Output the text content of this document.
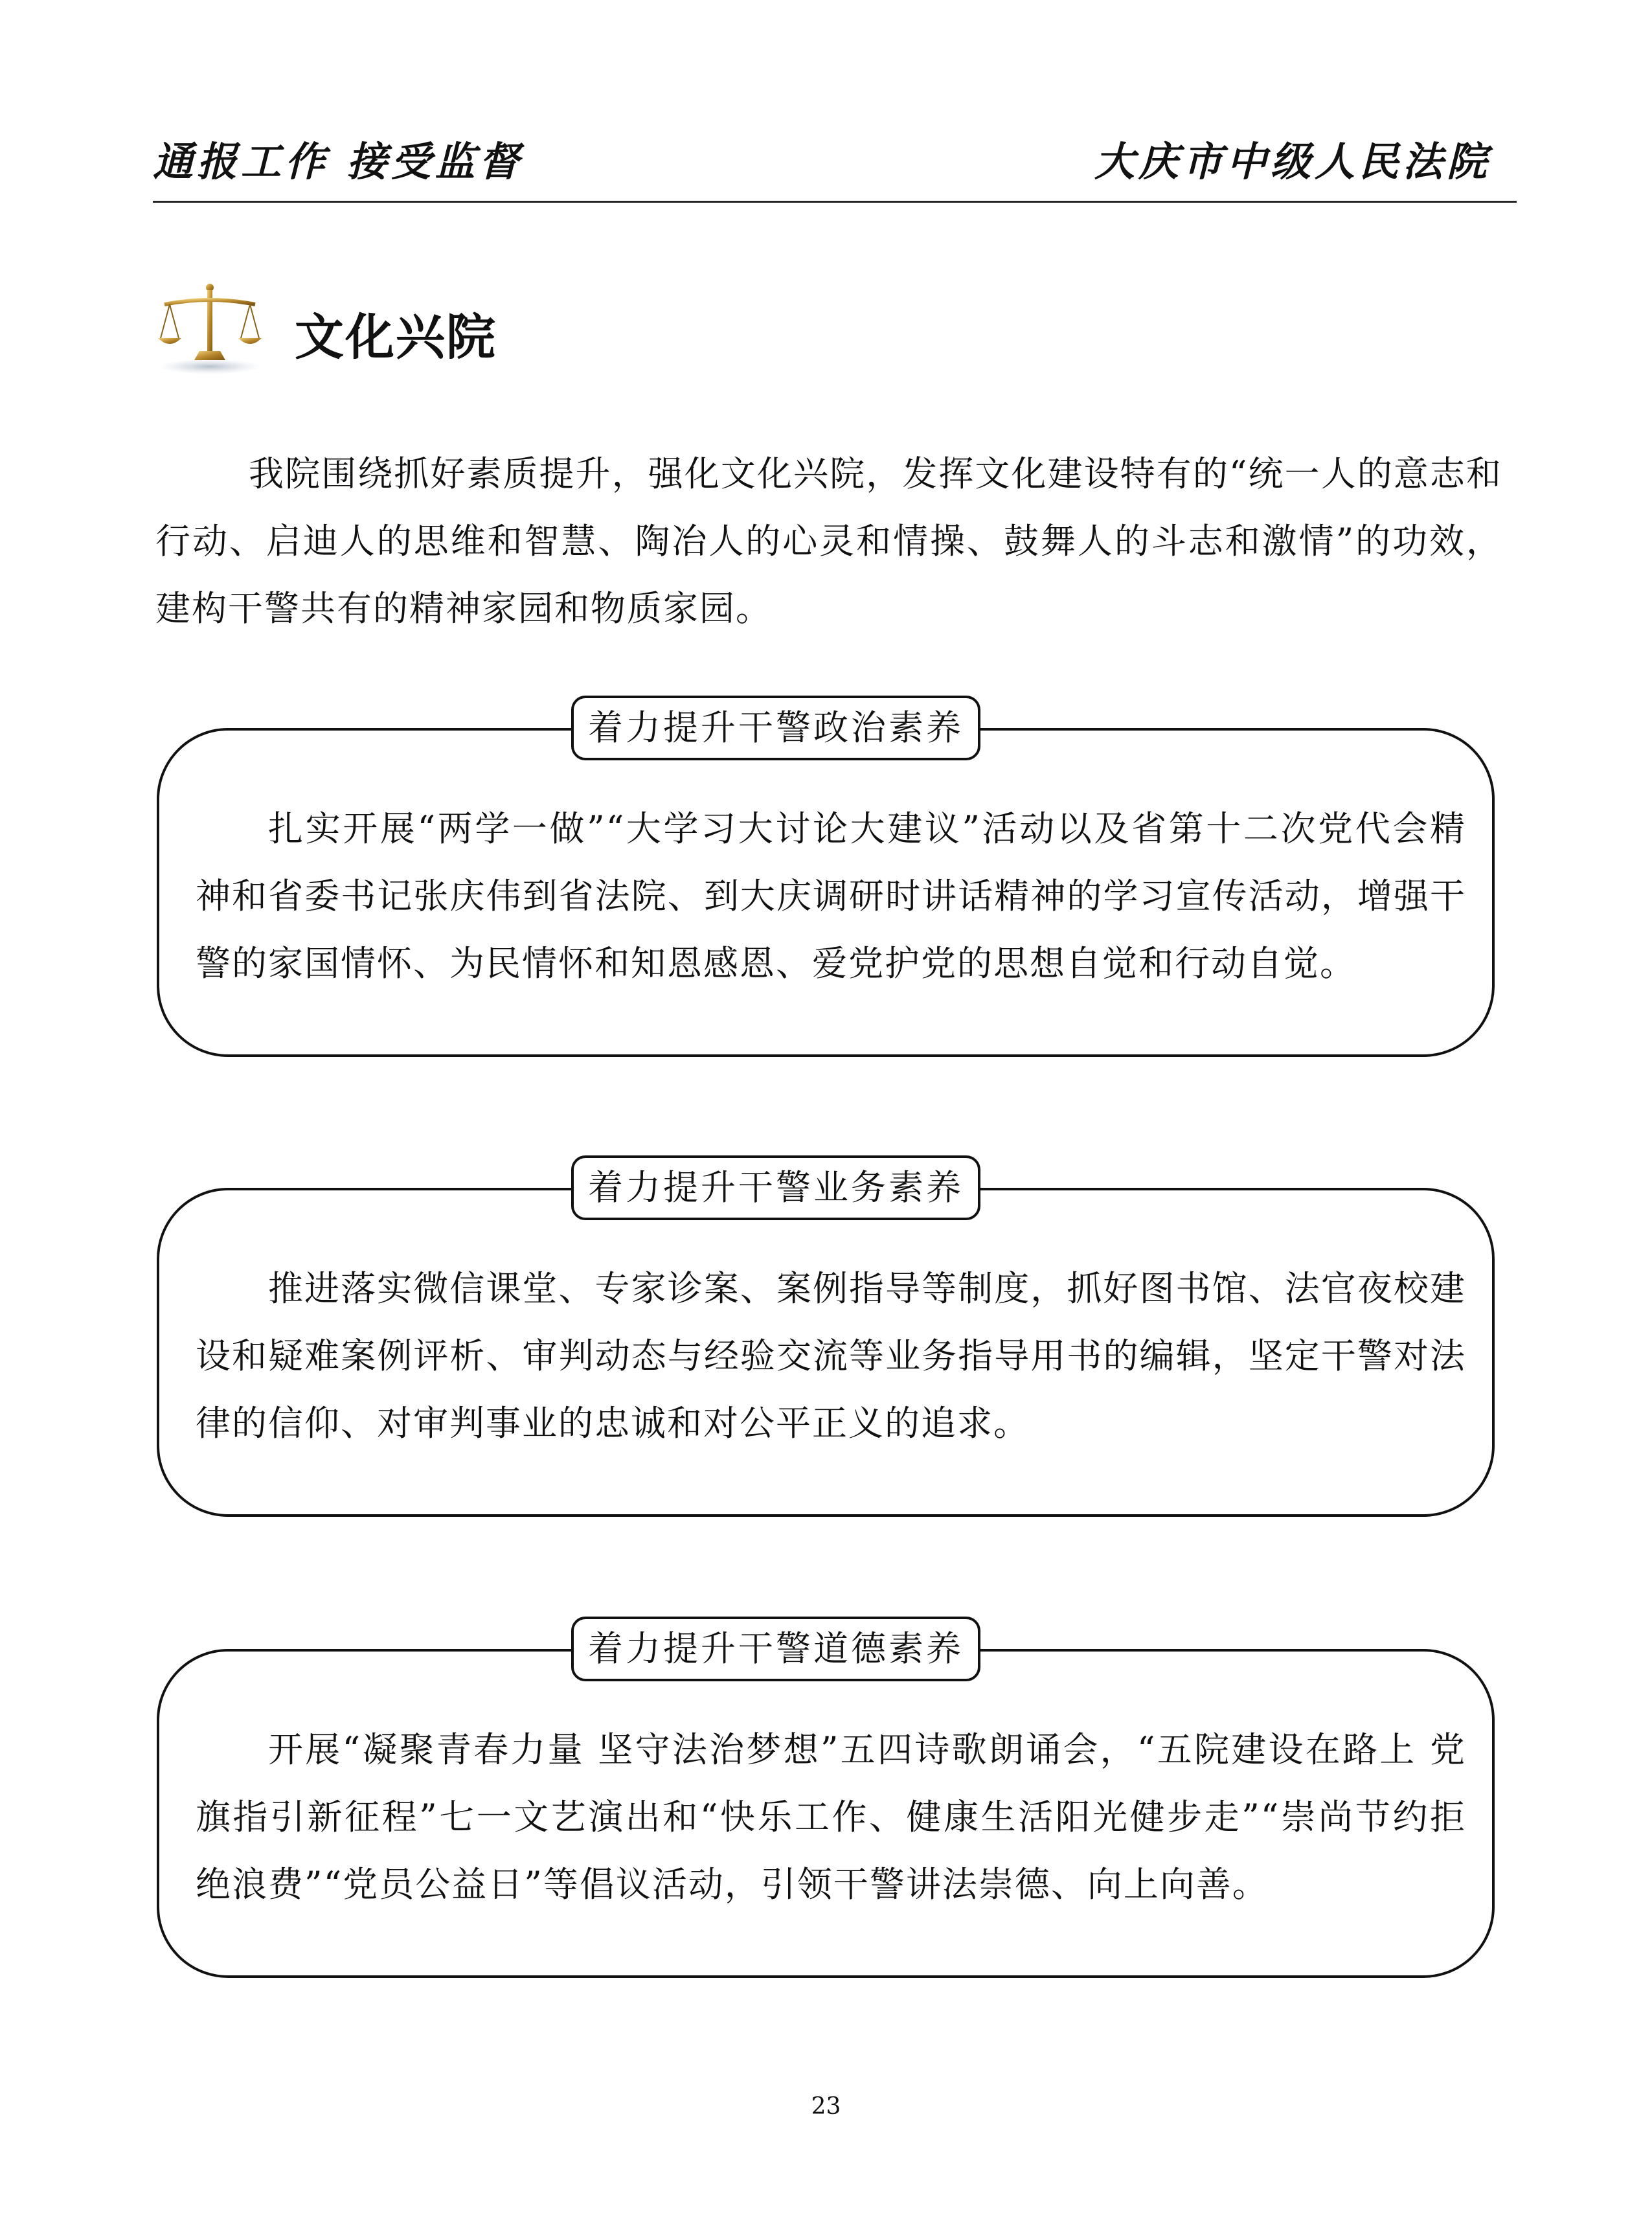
通报工作 接受监督	大庆市中级人民法院
文化兴院

我院围绕抓好素质提升，强化文化兴院，发挥文化建设特有的“统一人的意志和行动、启迪人的思维和智慧、陶冶人的心灵和情操、鼓舞人的斗志和激情”的功效，建构干警共有的精神家园和物质家园。

着力提升干警政治素养

扎实开展“两学一做”“大学习大讨论大建议”活动以及省第十二次党代会精神和省委书记张庆伟到省法院、到大庆调研时讲话精神的学习宣传活动，增强干警的家国情怀、为民情怀和知恩感恩、爱党护党的思想自觉和行动自觉。

着力提升干警业务素养

推进落实微信课堂、专家诊案、案例指导等制度，抓好图书馆、法官夜校建设和疑难案例评析、审判动态与经验交流等业务指导用书的编辑，坚定干警对法律的信仰、对审判事业的忠诚和对公平正义的追求。

着力提升干警道德素养

开展“凝聚青春力量 坚守法治梦想”五四诗歌朗诵会，“五院建设在路上 党旗指引新征程”七一文艺演出和“快乐工作、健康生活阳光健步走”“崇尚节约拒绝浪费”“党员公益日”等倡议活动，引领干警讲法崇德、向上向善。

23
